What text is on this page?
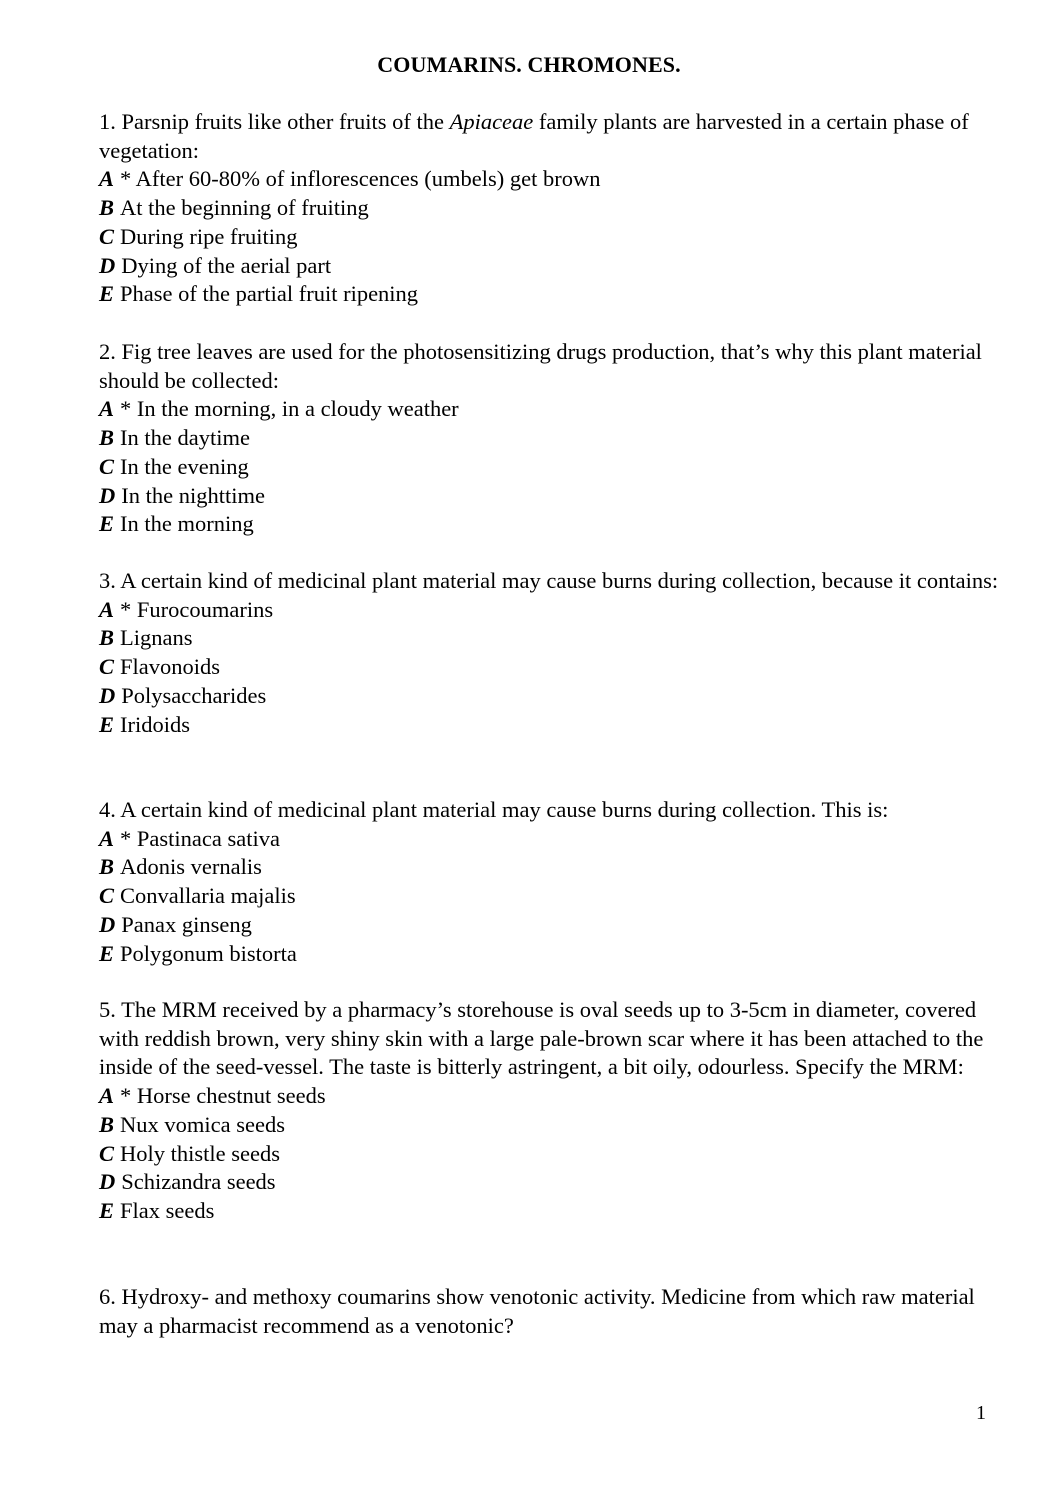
COUMARINS. CHROMONES.
1. Parsnip fruits like other fruits of the Apiaceae family plants are harvested in a certain phase of vegetation:
A * After 60-80% of inflorescences (umbels) get brown
B At the beginning of fruiting
C During ripe fruiting
D Dying of the aerial part
E Phase of the partial fruit ripening
2. Fig tree leaves are used for the photosensitizing drugs production, that’s why this plant material should be collected:
A * In the morning, in a cloudy weather
B In the daytime
C In the evening
D In the nighttime
E In the morning
3. A certain kind of medicinal plant material may cause burns during collection, because it contains:
A * Furocoumarins
B Lignans
C Flavonoids
D Polysaccharides
E Iridoids
4. A certain kind of medicinal plant material may cause burns during collection. This is:
A * Pastinaca sativa
B Adonis vernalis
C Convallaria majalis
D Panax ginseng
E Polygonum bistorta
5. The MRM received by a pharmacy’s storehouse is oval seeds up to 3-5cm in diameter, covered with reddish brown, very shiny skin with a large pale-brown scar where it has been attached to the inside of the seed-vessel. The taste is bitterly astringent, a bit oily, odourless. Specify the MRM:
A * Horse chestnut seeds
B Nux vomica seeds
C Holy thistle seeds
D Schizandra seeds
E Flax seeds
6. Hydroxy- and methoxy coumarins show venotonic activity. Medicine from which raw material may a pharmacist recommend as a venotonic?
1
